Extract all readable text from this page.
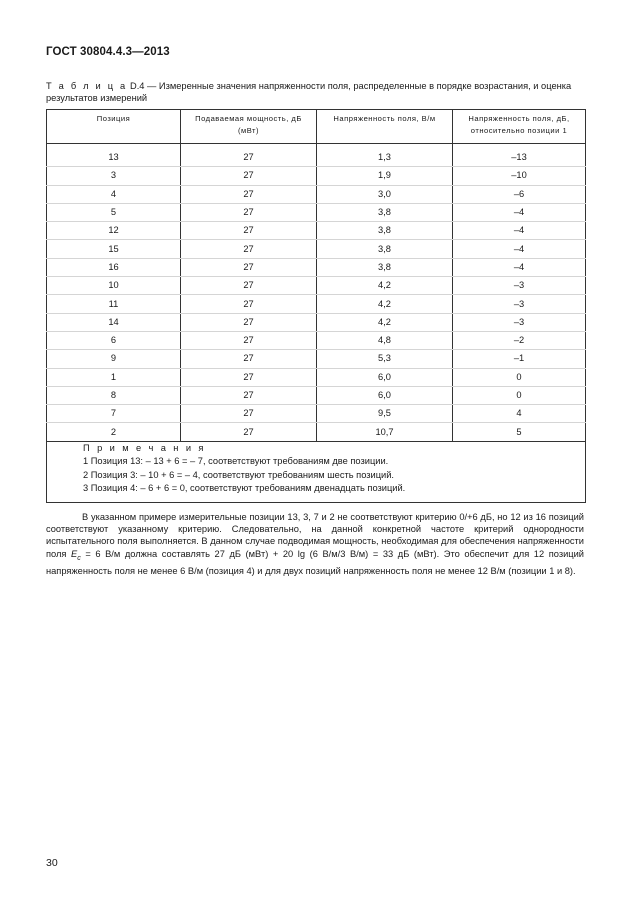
ГОСТ 30804.4.3—2013
Т а б л и ц а D.4 — Измеренные значения напряженности поля, распределенные в порядке возрастания, и оценка результатов измерений
Позиция	Подаваемая мощность, дБ (мВт)	Напряженность поля, В/м	Напряженность поля, дБ, относительно позиции 1

13	27	1,3	–13
3	27	1,9	–10
4	27	3,0	–6
5	27	3,8	–4
12	27	3,8	–4
15	27	3,8	–4
16	27	3,8	–4
10	27	4,2	–3
11	27	4,2	–3
14	27	4,2	–3
6	27	4,8	–2
9	27	5,3	–1
1	27	6,0	0
8	27	6,0	0
7	27	9,5	4
2	27	10,7	5

П р и м е ч а н и я
1 Позиция 13: – 13 + 6 = – 7, соответствуют требованиям две позиции.
2 Позиция 3: – 10 + 6 = – 4, соответствуют требованиям шесть позиций.
3 Позиция 4: – 6 + 6 = 0, соответствуют требованиям двенадцать позиций.			

В указанном примере измерительные позиции 13, 3, 7 и 2 не соответствуют критерию 0/+6 дБ, но 12 из 16 позиций соответствуют указанному критерию. Следовательно, на данной конкретной частоте критерий однородности испытательного поля выполняется. В данном случае подводимая мощность, необходимая для обеспечения напряженности поля $E_c = 6$ В/м должна составлять 27 дБ (мВт) + 20 lg (6 В/м/3 В/м) = 33 дБ (мВт). Это обеспечит для 12 позиций напряженность поля не менее 6 В/м (позиция 4) и для двух позиций напряженность поля не менее 12 В/м (позиции 1 и 8).

30
